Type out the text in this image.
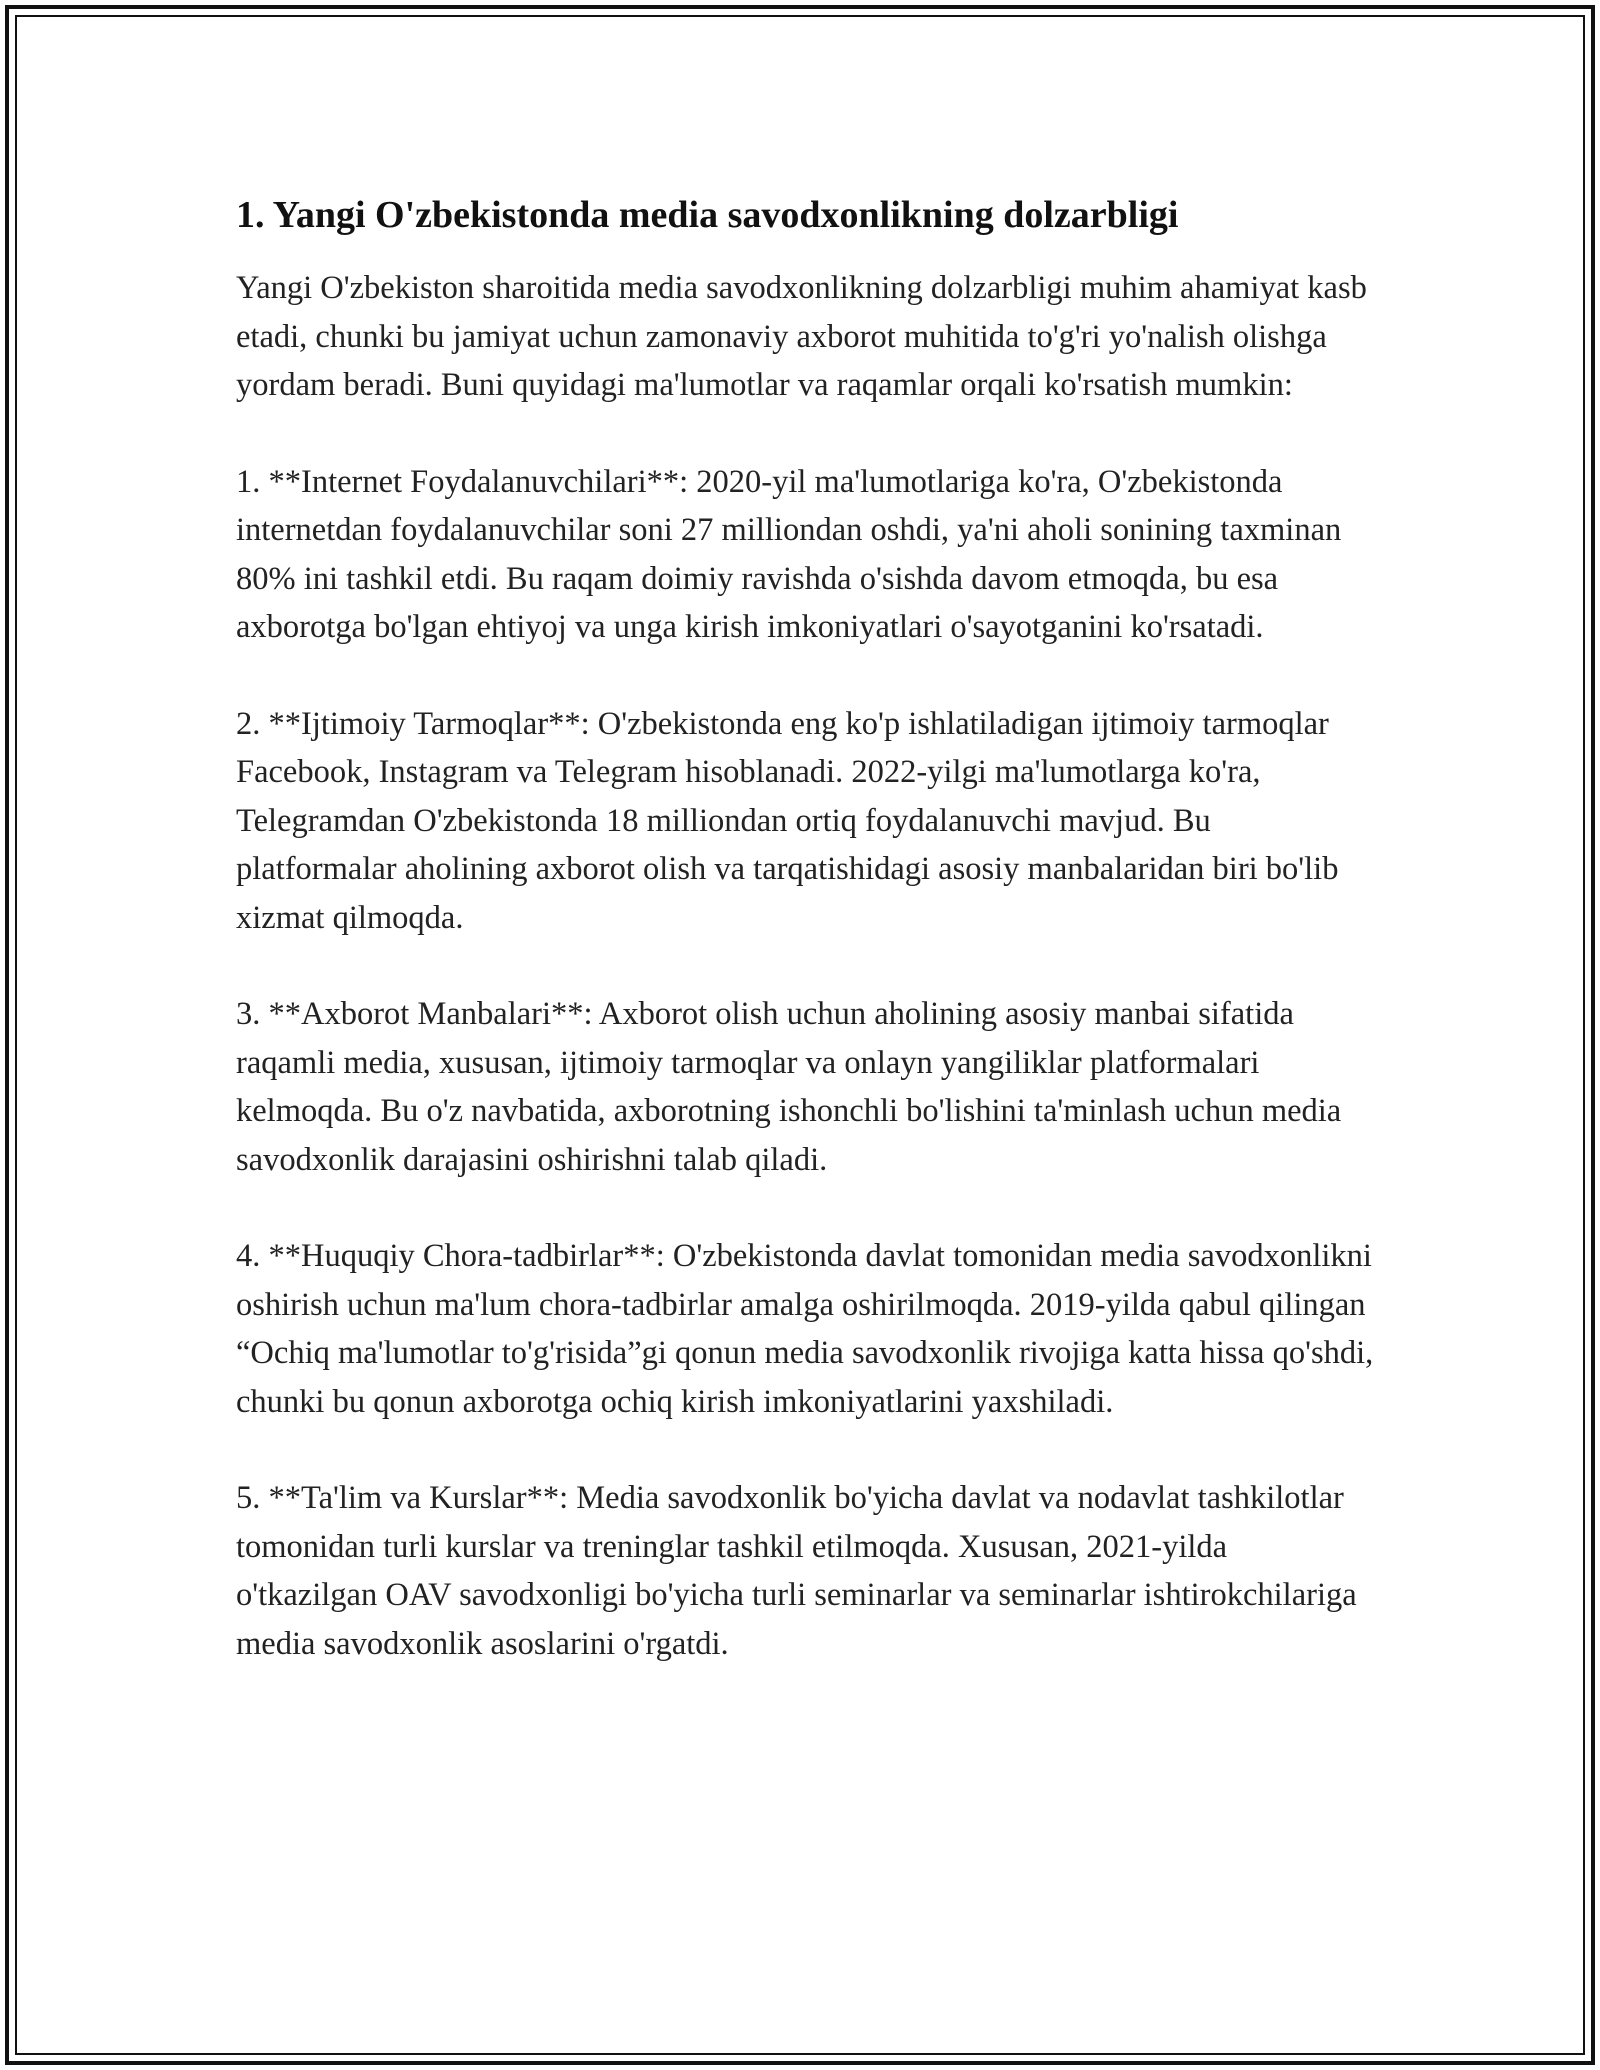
1. Yangi O'zbekistonda media savodxonlikning dolzarbligi

Yangi O'zbekiston sharoitida media savodxonlikning dolzarbligi muhim ahamiyat kasb etadi, chunki bu jamiyat uchun zamonaviy axborot muhitida to'g'ri yo'nalish olishga yordam beradi. Buni quyidagi ma'lumotlar va raqamlar orqali ko'rsatish mumkin:

1. **Internet Foydalanuvchilari**: 2020-yil ma'lumotlariga ko'ra, O'zbekistonda internetdan foydalanuvchilar soni 27 milliondan oshdi, ya'ni aholi sonining taxminan 80% ini tashkil etdi. Bu raqam doimiy ravishda o'sishda davom etmoqda, bu esa axborotga bo'lgan ehtiyoj va unga kirish imkoniyatlari o'sayotganini ko'rsatadi.

2. **Ijtimoiy Tarmoqlar**: O'zbekistonda eng ko'p ishlatiladigan ijtimoiy tarmoqlar Facebook, Instagram va Telegram hisoblanadi. 2022-yilgi ma'lumotlarga ko'ra, Telegramdan O'zbekistonda 18 milliondan ortiq foydalanuvchi mavjud. Bu platformalar aholining axborot olish va tarqatishidagi asosiy manbalaridan biri bo'lib xizmat qilmoqda.

3. **Axborot Manbalari**: Axborot olish uchun aholining asosiy manbai sifatida raqamli media, xususan, ijtimoiy tarmoqlar va onlayn yangiliklar platformalari kelmoqda. Bu o'z navbatida, axborotning ishonchli bo'lishini ta'minlash uchun media savodxonlik darajasini oshirishni talab qiladi.

4. **Huquqiy Chora-tadbirlar**: O'zbekistonda davlat tomonidan media savodxonlikni oshirish uchun ma'lum chora-tadbirlar amalga oshirilmoqda. 2019-yilda qabul qilingan “Ochiq ma'lumotlar to'g'risida”gi qonun media savodxonlik rivojiga katta hissa qo'shdi, chunki bu qonun axborotga ochiq kirish imkoniyatlarini yaxshiladi.

5. **Ta'lim va Kurslar**: Media savodxonlik bo'yicha davlat va nodavlat tashkilotlar tomonidan turli kurslar va treninglar tashkil etilmoqda. Xususan, 2021-yilda o'tkazilgan OAV savodxonligi bo'yicha turli seminarlar va seminarlar ishtirokchilariga media savodxonlik asoslarini o'rgatdi.
